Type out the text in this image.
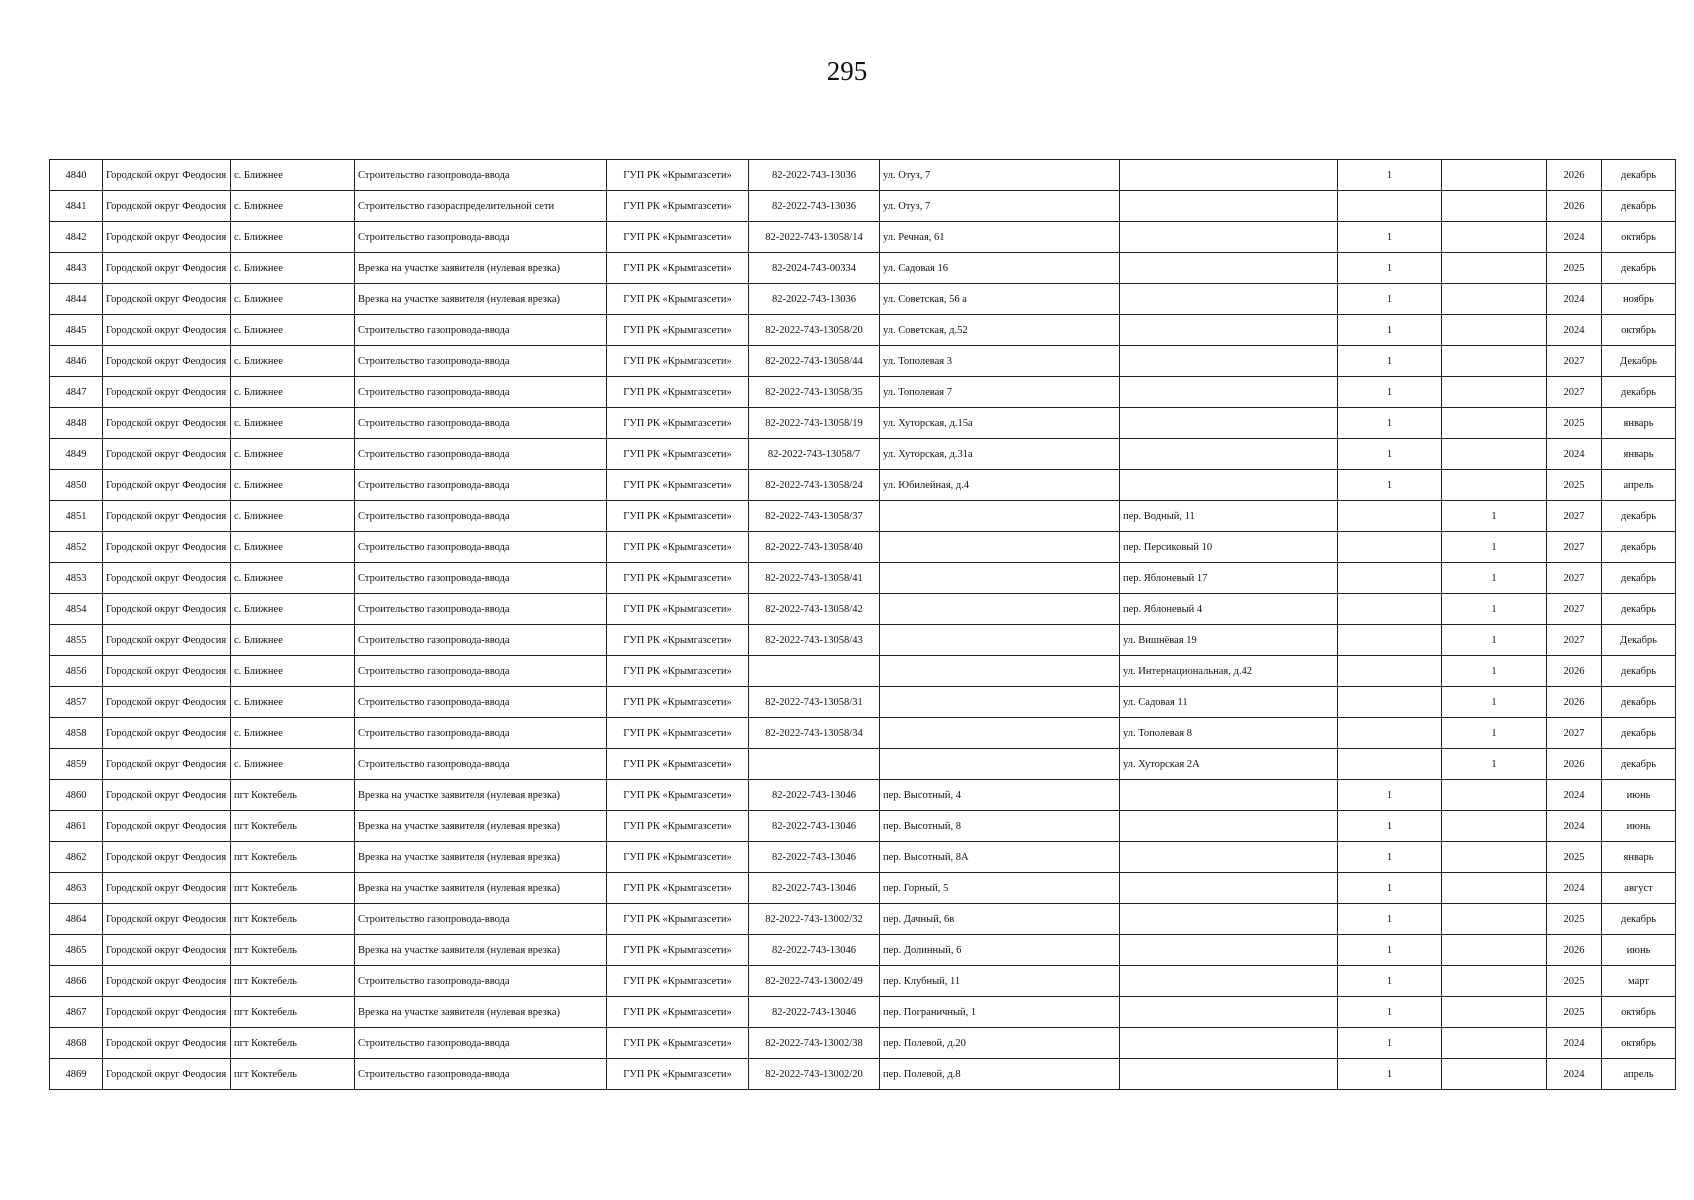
295
4840	Городской округ Феодосия	с. Ближнее	Строительство газопровода-ввода	ГУП РК «Крымгазсети»	82-2022-743-13036	ул. Отуз, 7		1		2026	декабрь
4841	Городской округ Феодосия	с. Ближнее	Строительство газораспределительной сети	ГУП РК «Крымгазсети»	82-2022-743-13036	ул. Отуз, 7				2026	декабрь
4842	Городской округ Феодосия	с. Ближнее	Строительство газопровода-ввода	ГУП РК «Крымгазсети»	82-2022-743-13058/14	ул. Речная, 61		1		2024	октябрь
4843	Городской округ Феодосия	с. Ближнее	Врезка на участке заявителя (нулевая врезка)	ГУП РК «Крымгазсети»	82-2024-743-00334	ул. Садовая 16		1		2025	декабрь
4844	Городской округ Феодосия	с. Ближнее	Врезка на участке заявителя (нулевая врезка)	ГУП РК «Крымгазсети»	82-2022-743-13036	ул. Советская, 56 а		1		2024	ноябрь
4845	Городской округ Феодосия	с. Ближнее	Строительство газопровода-ввода	ГУП РК «Крымгазсети»	82-2022-743-13058/20	ул. Советская, д.52		1		2024	октябрь
4846	Городской округ Феодосия	с. Ближнее	Строительство газопровода-ввода	ГУП РК «Крымгазсети»	82-2022-743-13058/44	ул. Тополевая 3		1		2027	Декабрь
4847	Городской округ Феодосия	с. Ближнее	Строительство газопровода-ввода	ГУП РК «Крымгазсети»	82-2022-743-13058/35	ул. Тополевая 7		1		2027	декабрь
4848	Городской округ Феодосия	с. Ближнее	Строительство газопровода-ввода	ГУП РК «Крымгазсети»	82-2022-743-13058/19	ул. Хуторская, д.15а		1		2025	январь
4849	Городской округ Феодосия	с. Ближнее	Строительство газопровода-ввода	ГУП РК «Крымгазсети»	82-2022-743-13058/7	ул. Хуторская, д.31а		1		2024	январь
4850	Городской округ Феодосия	с. Ближнее	Строительство газопровода-ввода	ГУП РК «Крымгазсети»	82-2022-743-13058/24	ул. Юбилейная, д.4		1		2025	апрель
4851	Городской округ Феодосия	с. Ближнее	Строительство газопровода-ввода	ГУП РК «Крымгазсети»	82-2022-743-13058/37		пер. Водный, 11		1	2027	декабрь
4852	Городской округ Феодосия	с. Ближнее	Строительство газопровода-ввода	ГУП РК «Крымгазсети»	82-2022-743-13058/40		пер. Персиковый 10		1	2027	декабрь
4853	Городской округ Феодосия	с. Ближнее	Строительство газопровода-ввода	ГУП РК «Крымгазсети»	82-2022-743-13058/41		пер. Яблоневый 17		1	2027	декабрь
4854	Городской округ Феодосия	с. Ближнее	Строительство газопровода-ввода	ГУП РК «Крымгазсети»	82-2022-743-13058/42		пер. Яблоневый 4		1	2027	декабрь
4855	Городской округ Феодосия	с. Ближнее	Строительство газопровода-ввода	ГУП РК «Крымгазсети»	82-2022-743-13058/43		ул. Вишнёвая 19		1	2027	Декабрь
4856	Городской округ Феодосия	с. Ближнее	Строительство газопровода-ввода	ГУП РК «Крымгазсети»			ул. Интернациональная, д.42		1	2026	декабрь
4857	Городской округ Феодосия	с. Ближнее	Строительство газопровода-ввода	ГУП РК «Крымгазсети»	82-2022-743-13058/31		ул. Садовая 11		1	2026	декабрь
4858	Городской округ Феодосия	с. Ближнее	Строительство газопровода-ввода	ГУП РК «Крымгазсети»	82-2022-743-13058/34		ул. Тополевая 8		1	2027	декабрь
4859	Городской округ Феодосия	с. Ближнее	Строительство газопровода-ввода	ГУП РК «Крымгазсети»			ул. Хуторская 2А		1	2026	декабрь
4860	Городской округ Феодосия	пгт Коктебель	Врезка на участке заявителя (нулевая врезка)	ГУП РК «Крымгазсети»	82-2022-743-13046	пер. Высотный, 4		1		2024	июнь
4861	Городской округ Феодосия	пгт Коктебель	Врезка на участке заявителя (нулевая врезка)	ГУП РК «Крымгазсети»	82-2022-743-13046	пер. Высотный, 8		1		2024	июнь
4862	Городской округ Феодосия	пгт Коктебель	Врезка на участке заявителя (нулевая врезка)	ГУП РК «Крымгазсети»	82-2022-743-13046	пер. Высотный, 8А		1		2025	январь
4863	Городской округ Феодосия	пгт Коктебель	Врезка на участке заявителя (нулевая врезка)	ГУП РК «Крымгазсети»	82-2022-743-13046	пер. Горный, 5		1		2024	август
4864	Городской округ Феодосия	пгт Коктебель	Строительство газопровода-ввода	ГУП РК «Крымгазсети»	82-2022-743-13002/32	пер. Дачный, 6в		1		2025	декабрь
4865	Городской округ Феодосия	пгт Коктебель	Врезка на участке заявителя (нулевая врезка)	ГУП РК «Крымгазсети»	82-2022-743-13046	пер. Долинный, 6		1		2026	июнь
4866	Городской округ Феодосия	пгт Коктебель	Строительство газопровода-ввода	ГУП РК «Крымгазсети»	82-2022-743-13002/49	пер. Клубный, 11		1		2025	март
4867	Городской округ Феодосия	пгт Коктебель	Врезка на участке заявителя (нулевая врезка)	ГУП РК «Крымгазсети»	82-2022-743-13046	пер. Пограничный, 1		1		2025	октябрь
4868	Городской округ Феодосия	пгт Коктебель	Строительство газопровода-ввода	ГУП РК «Крымгазсети»	82-2022-743-13002/38	пер. Полевой, д.20		1		2024	октябрь
4869	Городской округ Феодосия	пгт Коктебель	Строительство газопровода-ввода	ГУП РК «Крымгазсети»	82-2022-743-13002/20	пер. Полевой, д.8		1		2024	апрель
